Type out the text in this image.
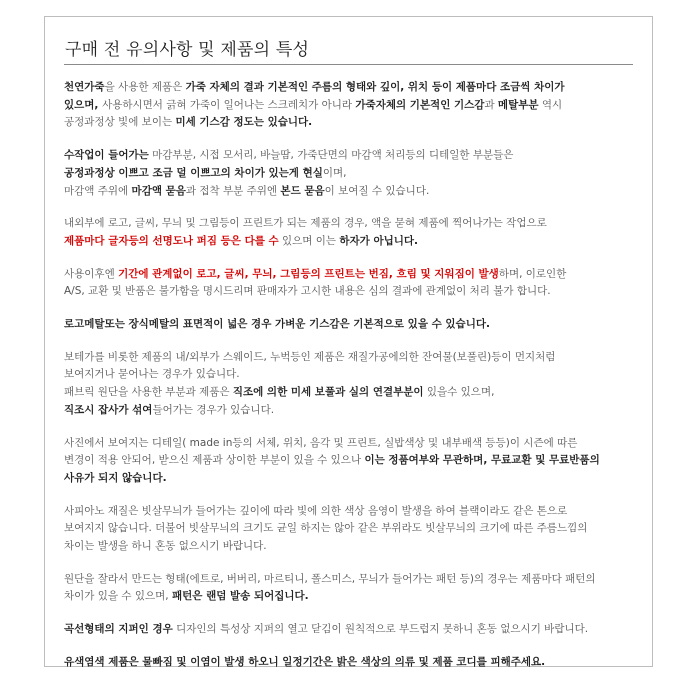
구매 전 유의사항 및 제품의 특성

천연가죽을 사용한 제품은 가죽 자체의 결과 기본적인 주름의 형태와 깊이, 위치 등이 제품마다 조금씩 차이가
있으며, 사용하시면서 긁혀 가죽이 일어나는 스크레치가 아니라 가죽자체의 기본적인 기스감과 메탈부분 역시
공정과정상 빛에 보이는 미세 기스감 정도는 있습니다.

수작업이 들어가는 마감부분, 시접 모서리, 바늘땀, 가죽단면의 마감액 처리등의 디테일한 부분들은
공정과정상 이쁘고 조금 덜 이쁘고의 차이가 있는게 현실이며,
마감액 주위에 마감액 묻음과 접착 부분 주위엔 본드 묻음이 보여질 수 있습니다.

내외부에 로고, 글씨, 무늬 및 그림등이 프린트가 되는 제품의 경우, 액을 묻혀 제품에 찍어나가는 작업으로
제품마다 글자등의 선명도나 퍼짐 등은 다를 수 있으며 이는 하자가 아닙니다.

사용이후엔 기간에 관계없이 로고, 글씨, 무늬, 그림등의 프린트는 번짐, 흐림 및 지워짐이 발생하며, 이로인한
A/S, 교환 및 반품은 불가함을 명시드리며 판매자가 고시한 내용은 심의 결과에 관계없이 처리 불가 합니다.

로고메탈또는 장식메탈의 표면적이 넓은 경우 가벼운 기스감은 기본적으로 있을 수 있습니다.

보테가를 비롯한 제품의 내/외부가 스웨이드, 누벅등인 제품은 재질가공에의한 잔여물(보풀린)등이 먼지처럼
보여지거나 묻어나는 경우가 있습니다.
패브릭 원단을 사용한 부분과 제품은 직조에 의한 미세 보풀과 실의 연결부분이 있을수 있으며,
직조시 잡사가 섞여들어가는 경우가 있습니다.

사진에서 보여지는 디테일( made in등의 서체, 위치, 음각 및 프린트, 실밥색상 및 내부배색 등등)이 시즌에 따른
변경이 적용 안되어, 받으신 제품과 상이한 부분이 있을 수 있으나 이는 정품여부와 무관하며, 무료교환 및 무료반품의
사유가 되지 않습니다.

사피아노 재질은 빗살무늬가 들어가는 깊이에 따라 빛에 의한 색상 음영이 발생을 하여 블랙이라도 같은 톤으로
보여지지 않습니다. 더불어 빗살무늬의 크기도 균일 하지는 않아 같은 부위라도 빗살무늬의 크기에 따른 주름느낌의
차이는 발생을 하니 혼동 없으시기 바랍니다.

원단을 잘라서 만드는 형태(에트로, 버버리, 마르티니, 폴스미스, 무늬가 들어가는 패턴 등)의 경우는 제품마다 패턴의
차이가 있을 수 있으며, 패턴은 랜덤 발송 되어집니다.

곡선형태의 지퍼인 경우 디자인의 특성상 지퍼의 열고 닫김이 원칙적으로 부드럽지 못하니 혼동 없으시기 바랍니다.

유색염색 제품은 물빠짐 및 이염이 발생 하오니 일정기간은 밝은 색상의 의류 및 제품 코디를 피해주세요.
